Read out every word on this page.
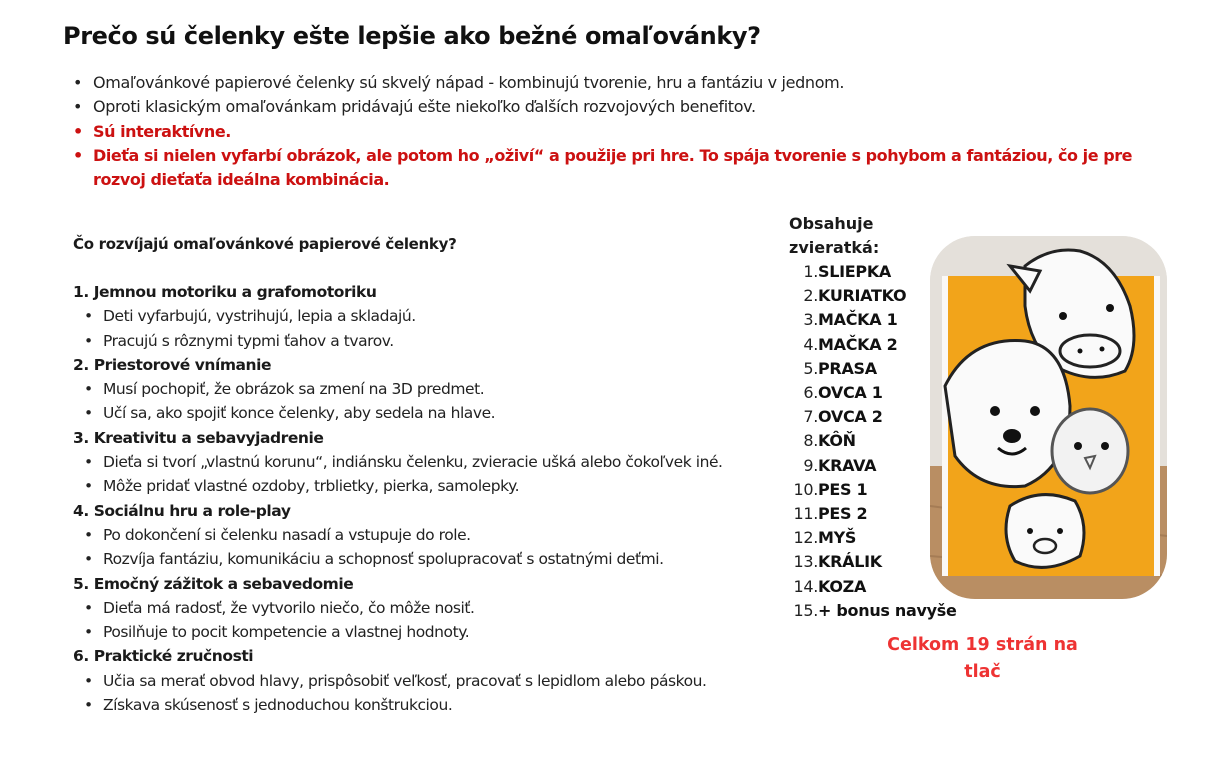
Prečo sú čelenky ešte lepšie ako bežné omaľovánky?
• Omaľovánkové papierové čelenky sú skvelý nápad - kombinujú tvorenie, hru a fantáziu v jednom.
• Oproti klasickým omaľovánkam pridávajú ešte niekoľko ďalších rozvojových benefitov.
• Sú interaktívne.
• Dieťa si nielen vyfarbí obrázok, ale potom ho „oživí“ a použije pri hre. To spája tvorenie s pohybom a fantáziou, čo je pre rozvoj dieťaťa ideálna kombinácia.
Čo rozvíjajú omaľovánkové papierové čelenky?
1. Jemnou motoriku a grafomotoriku
• Deti vyfarbujú, vystrihujú, lepia a skladajú.
• Pracujú s rôznymi typmi ťahov a tvarov.
2. Priestorové vnímanie
• Musí pochopiť, že obrázok sa zmení na 3D predmet.
• Učí sa, ako spojiť konce čelenky, aby sedela na hlave.
3. Kreativitu a sebavyjadrenie
• Dieťa si tvorí „vlastnú korunu“, indiánsku čelenku, zvieracie ušká alebo čokoľvek iné.
• Môže pridať vlastné ozdoby, trblietky, pierka, samolepky.
4. Sociálnu hru a role-play
• Po dokončení si čelenku nasadí a vstupuje do role.
• Rozvíja fantáziu, komunikáciu a schopnosť spolupracovať s ostatnými deťmi.
5. Emočný zážitok a sebavedomie
• Dieťa má radosť, že vytvorilo niečo, čo môže nosiť.
• Posilňuje to pocit kompetencie a vlastnej hodnoty.
6. Praktické zručnosti
• Učia sa merať obvod hlavy, prispôsobiť veľkosť, pracovať s lepidlom alebo páskou.
• Získava skúsenosť s jednoduchou konštrukciou.
Obsahuje zvieratká:
1.SLIEPKA
2.KURIATKO
3.MAČKA 1
4.MAČKA 2
5.PRASA
6.OVCA 1
7.OVCA 2
8.KÔŇ
9.KRAVA
10.PES 1
11.PES 2
12.MYŠ
13.KRÁLIK
14.KOZA
15.+ bonus navyše
Celkom 19 strán na tlač
